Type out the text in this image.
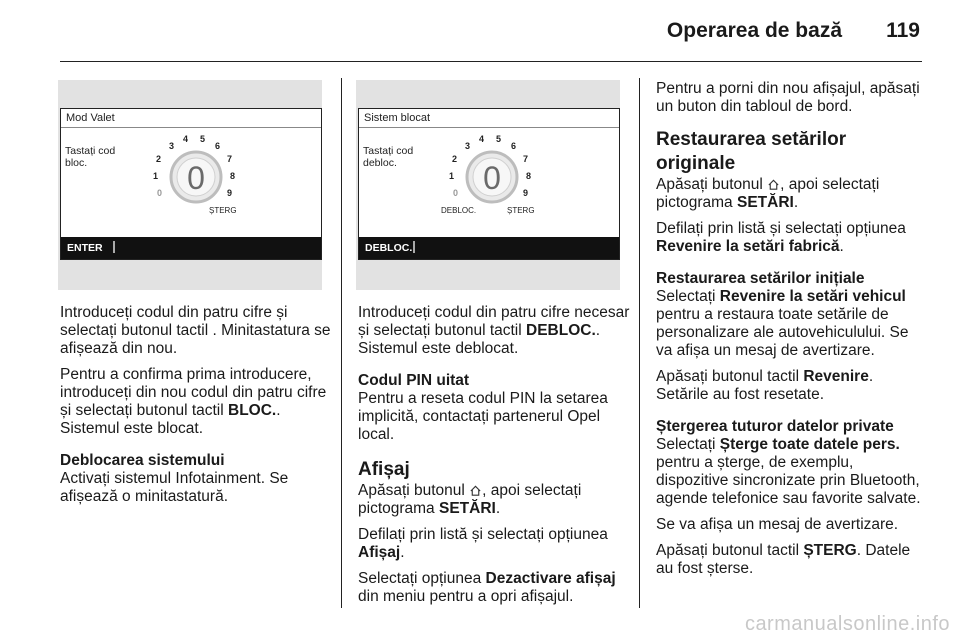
Operarea de bază 119
Mod Valet
Tastați cod
bloc.	0
0
1
2
3
4 5
6
7
8
9
ȘTERG
ENTER
Sistem blocat
Tastați cod
debloc.	0
0
1
2
3
4 5
6
7
8
9
DEBLOC.	ȘTERG
DEBLOC.

Introduceți codul din patru cifre și selectați butonul tactil . Minitastatura se afișează din nou.

Pentru a confirma prima introducere, introduceți din nou codul din patru cifre și selectați butonul tactil BLOC.. Sistemul este blocat.

Deblocarea sistemului

Activați sistemul Infotainment. Se afișează o minitastatură.

Introduceți codul din patru cifre necesar și selectați butonul tactil DEBLOC.. Sistemul este deblocat.

Codul PIN uitat

Pentru a reseta codul PIN la setarea implicită, contactați partenerul Opel local.

Afișaj

Apăsați butonul , apoi selectați pictograma SETĂRI.

Defilați prin listă și selectați opțiunea Afișaj.

Selectați opțiunea Dezactivare afișaj din meniu pentru a opri afișajul.

Pentru a porni din nou afișajul, apăsați un buton din tabloul de bord.

Restaurarea setărilor originale

Apăsați butonul , apoi selectați pictograma SETĂRI.

Defilați prin listă și selectați opțiunea Revenire la setări fabrică.

Restaurarea setărilor inițiale

Selectați Revenire la setări vehicul pentru a restaura toate setările de personalizare ale autovehiculului. Se va afișa un mesaj de avertizare.

Apăsați butonul tactil Revenire. Setările au fost resetate.

Ștergerea tuturor datelor private

Selectați Șterge toate datele pers. pentru a șterge, de exemplu, dispozitive sincronizate prin Bluetooth, agende telefonice sau favorite salvate.

Se va afișa un mesaj de avertizare.

Apăsați butonul tactil ȘTERG. Datele au fost șterse.

carmanualsonline.info
